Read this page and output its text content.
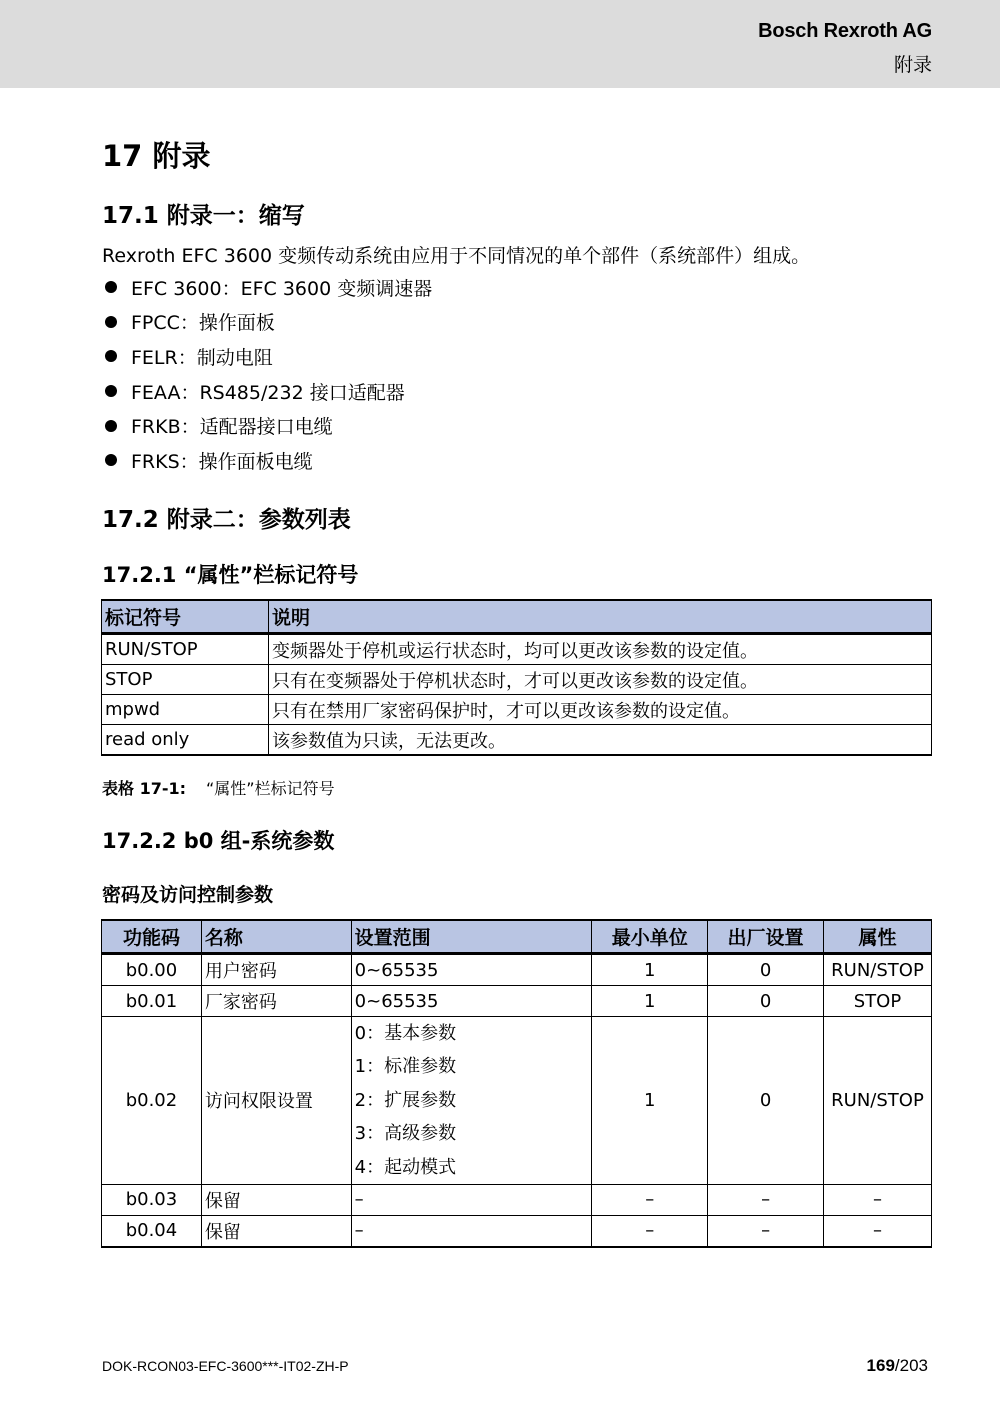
Bosch Rexroth AG
附录
17 附录
17.1 附录一：缩写
Rexroth EFC 3600 变频传动系统由应用于不同情况的单个部件（系统部件）组成。
EFC 3600：EFC 3600 变频调速器
FPCC：操作面板
FELR：制动电阻
FEAA：RS485/232 接口适配器
FRKB：适配器接口电缆
FRKS：操作面板电缆
17.2 附录二：参数列表
17.2.1 “属性”栏标记符号
标记符号	说明
RUN/STOP	变频器处于停机或运行状态时，均可以更改该参数的设定值。
STOP	只有在变频器处于停机状态时，才可以更改该参数的设定值。
mpwd	只有在禁用厂家密码保护时，才可以更改该参数的设定值。
read only	该参数值为只读，无法更改。
表格 17-1: “属性”栏标记符号
17.2.2 b0 组-系统参数
密码及访问控制参数
功能码	名称	设置范围	最小单位	出厂设置	属性
b0.00	用户密码	0~65535	1	0	RUN/STOP
b0.01	厂家密码	0~65535	1	0	STOP
b0.02	访问权限设置	0：基本参数
1：标准参数
2：扩展参数
3：高级参数
4：起动模式	1	0	RUN/STOP
b0.03	保留	–	–	–	–
b0.04	保留	–	–	–	–
DOK-RCON03-EFC-3600***-IT02-ZH-P	169/203
